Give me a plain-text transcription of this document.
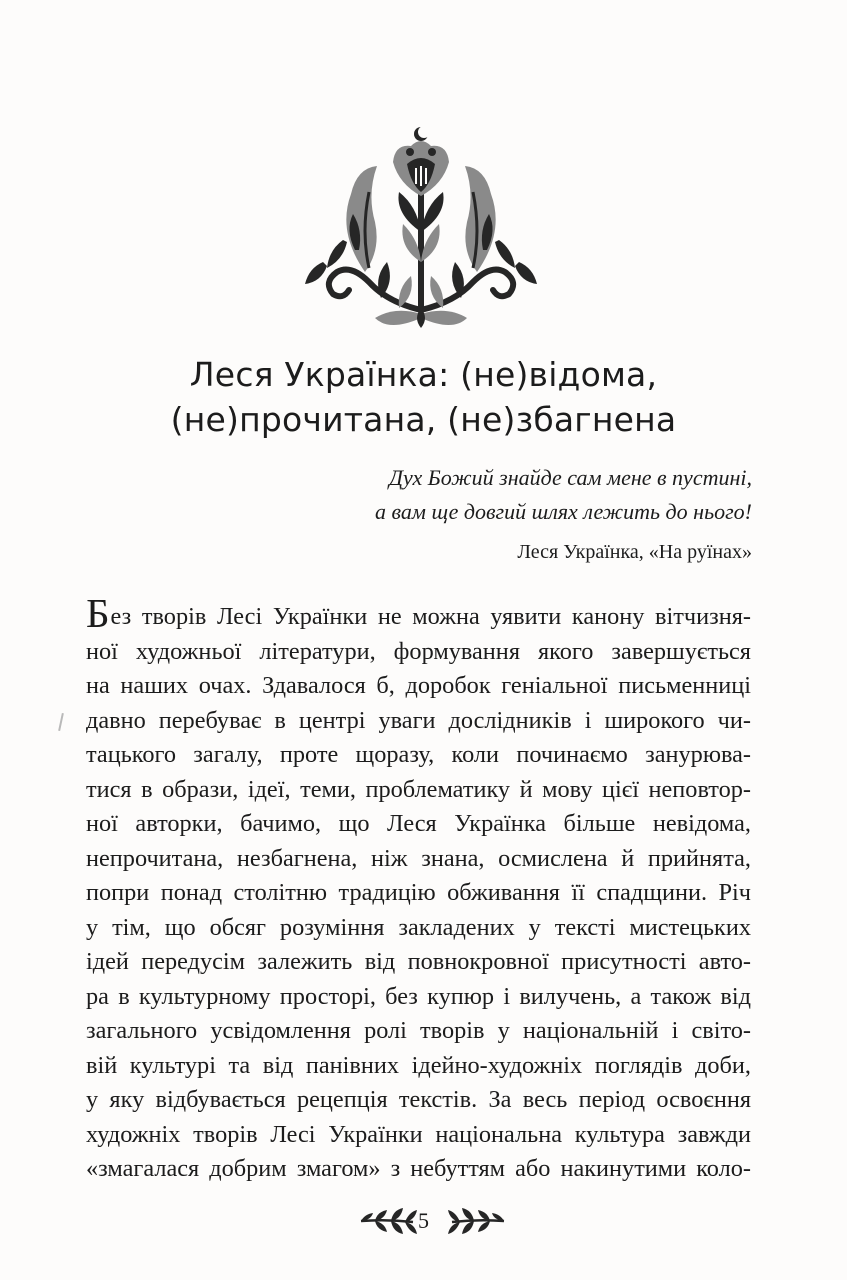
Леся Українка: (не)відома,
(не)прочитана, (не)збагнена
Дух Божий знайде сам мене в пустині,
а вам ще довгий шлях лежить до нього!
Леся Українка, «На руїнах»
Без творів Лесі Українки не можна уявити канону вітчизня-
ної художньої літератури, формування якого завершується
на наших очах. Здавалося б, доробок геніальної письменниці
давно перебуває в центрі уваги дослідників і широкого чи-
тацького загалу, проте щоразу, коли починаємо занурюва-
тися в образи, ідеї, теми, проблематику й мову цієї неповтор-
ної авторки, бачимо, що Леся Українка більше невідома,
непрочитана, незбагнена, ніж знана, осмислена й прийнята,
попри понад столітню традицію обживання її спадщини. Річ
у тім, що обсяг розуміння закладених у тексті мистецьких
ідей передусім залежить від повнокровної присутності авто-
ра в культурному просторі, без купюр і вилучень, а також від
загального усвідомлення ролі творів у національній і світо-
вій культурі та від панівних ідейно-художніх поглядів доби,
у яку відбувається рецепція текстів. За весь період освоєння
художніх творів Лесі Українки національна культура завжди
«змагалася добрим змагом» з небуттям або накинутими коло-
5
